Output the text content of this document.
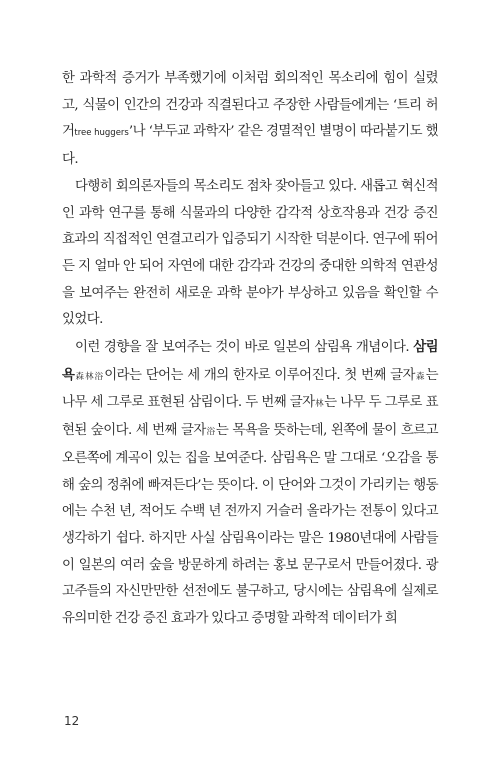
한 과학적 증거가 부족했기에 이처럼 회의적인 목소리에 힘이 실렸고, 식물이 인간의 건강과 직결된다고 주장한 사람들에게는 ‘트리 허거tree huggers’나 ‘부두교 과학자’ 같은 경멸적인 별명이 따라붙기도 했다.

다행히 회의론자들의 목소리도 점차 잦아들고 있다. 새롭고 혁신적인 과학 연구를 통해 식물과의 다양한 감각적 상호작용과 건강 증진 효과의 직접적인 연결고리가 입증되기 시작한 덕분이다. 연구에 뛰어든 지 얼마 안 되어 자연에 대한 감각과 건강의 중대한 의학적 연관성을 보여주는 완전히 새로운 과학 분야가 부상하고 있음을 확인할 수 있었다.

이런 경향을 잘 보여주는 것이 바로 일본의 삼림욕 개념이다. 삼림욕森林浴이라는 단어는 세 개의 한자로 이루어진다. 첫 번째 글자森는 나무 세 그루로 표현된 삼림이다. 두 번째 글자林는 나무 두 그루로 표현된 숲이다. 세 번째 글자浴는 목욕을 뜻하는데, 왼쪽에 물이 흐르고 오른쪽에 계곡이 있는 집을 보여준다. 삼림욕은 말 그대로 ‘오감을 통해 숲의 정취에 빠져든다’는 뜻이다. 이 단어와 그것이 가리키는 행동에는 수천 년, 적어도 수백 년 전까지 거슬러 올라가는 전통이 있다고 생각하기 쉽다. 하지만 사실 삼림욕이라는 말은 1980년대에 사람들이 일본의 여러 숲을 방문하게 하려는 홍보 문구로서 만들어졌다. 광고주들의 자신만만한 선전에도 불구하고, 당시에는 삼림욕에 실제로 유의미한 건강 증진 효과가 있다고 증명할 과학적 데이터가 희

12
